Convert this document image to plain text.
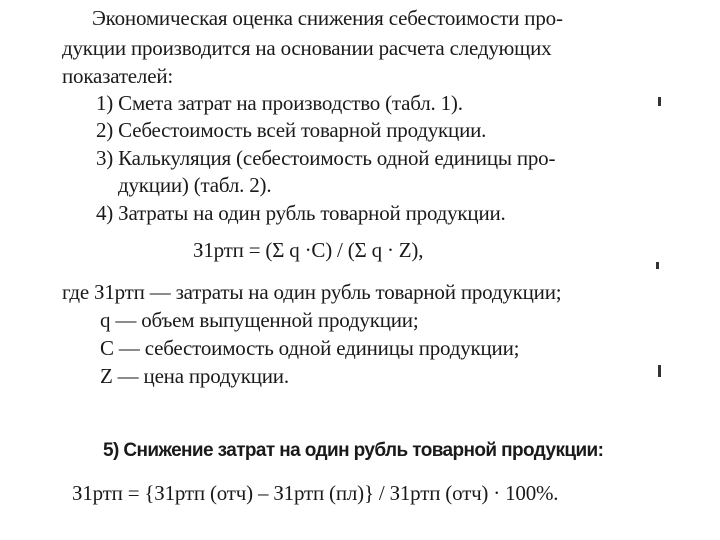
Экономическая оценка снижения себестоимости про-
дукции производится на основании расчета следующих
показателей:
1) Смета затрат на производство (табл. 1).
2) Себестоимость всей товарной продукции.
3) Калькуляция (себестоимость одной единицы про-
дукции) (табл. 2).
4) Затраты на один рубль товарной продукции.
З1ртп = (Σ q ·C) / (Σ q · Z),
где З1ртп — затраты на один рубль товарной продукции;
q — объем выпущенной продукции;
C — себестоимость одной единицы продукции;
Z — цена продукции.
5) Снижение затрат на один рубль товарной продукции:
З1ртп = {З1ртп (отч) – З1ртп (пл)} / З1ртп (отч) · 100%.
